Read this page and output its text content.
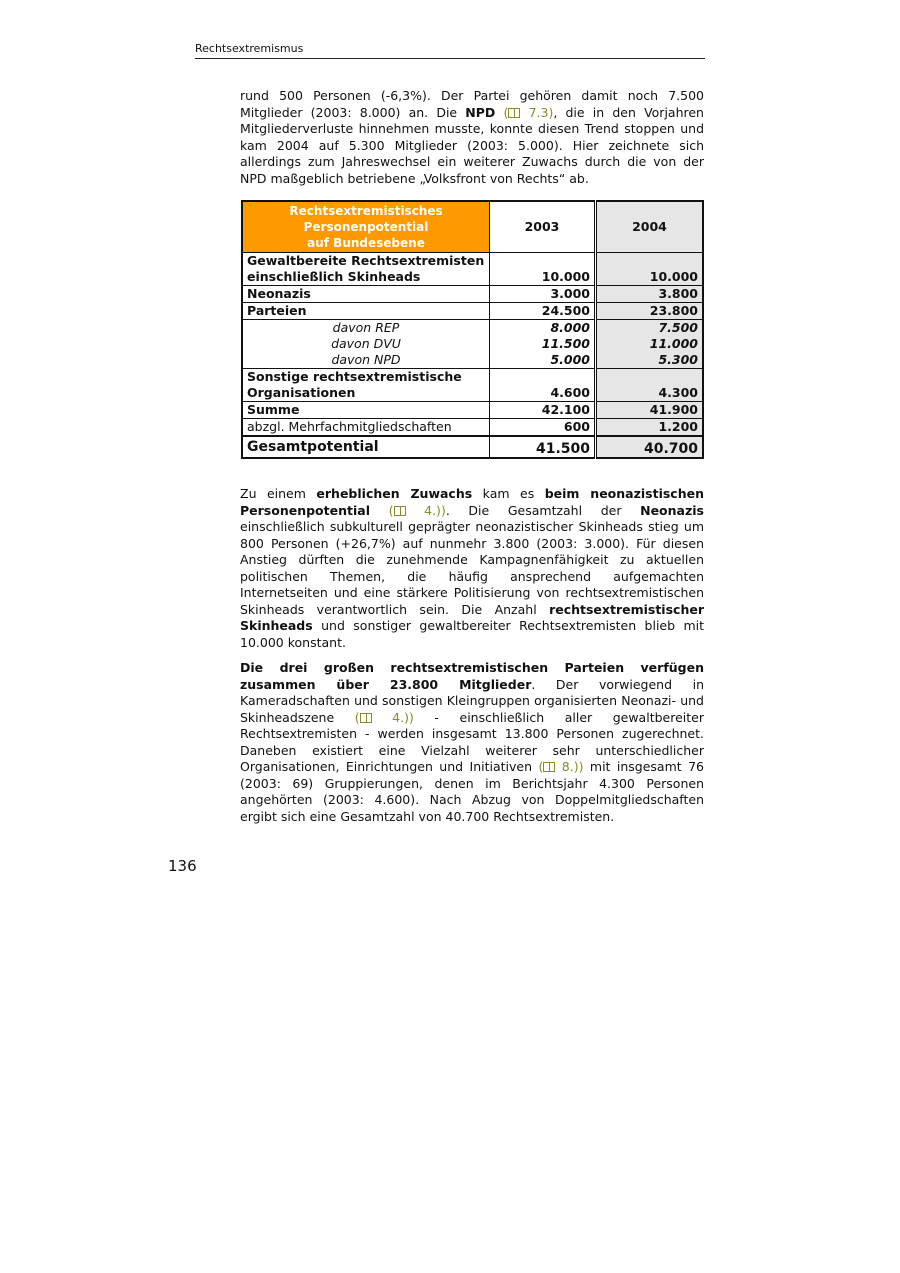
Rechtsextremismus
rund 500 Personen (-6,3%). Der Partei gehören damit noch 7.500 Mitglieder (2003: 8.000) an. Die NPD ( 7.3), die in den Vorjahren Mitgliederverluste hinnehmen musste, konnte diesen Trend stoppen und kam 2004 auf 5.300 Mitglieder (2003: 5.000). Hier zeichnete sich allerdings zum Jahreswechsel ein weiterer Zuwachs durch die von der NPD maßgeblich betriebene „Volksfront von Rechts“ ab.
Rechtsextremistisches
Personenpotential
auf Bundesebene	2003	2004

Gewaltbereite Rechtsextremisten
einschließlich Skinheads	10.000	10.000
Neonazis	3.000	3.800
Parteien	24.500	23.800
davon REP	8.000	7.500
davon DVU	11.500	11.000
davon NPD	5.000	5.300

Sonstige rechtsextremistische
Organisationen	4.600	4.300
Summe	42.100	41.900
abzgl. Mehrfachmitgliedschaften	600	1.200
Gesamtpotential	41.500	40.700
Zu einem erheblichen Zuwachs kam es beim neonazistischen Personenpotential ( 4.)). Die Gesamtzahl der Neonazis einschließlich subkulturell geprägter neonazistischer Skinheads stieg um 800 Personen (+26,7%) auf nunmehr 3.800 (2003: 3.000). Für diesen Anstieg dürften die zunehmende Kampagnenfähigkeit zu aktuellen politischen Themen, die häufig ansprechend aufgemachten Internetseiten und eine stärkere Politisierung von rechtsextremistischen Skinheads verantwortlich sein. Die Anzahl rechtsextremistischer Skinheads und sonstiger gewaltbereiter Rechtsextremisten blieb mit 10.000 konstant.
Die drei großen rechtsextremistischen Parteien verfügen zusammen über 23.800 Mitglieder. Der vorwiegend in Kameradschaften und sonstigen Kleingruppen organisierten Neonazi- und Skinheadszene (	4.)) - einschließlich aller gewaltbereiter Rechtsextremisten - werden insgesamt 13.800 Personen zugerechnet. Daneben existiert eine Vielzahl weiterer sehr unterschiedlicher Organisationen, Einrichtungen und Initiativen ( 8.)) mit insgesamt 76 (2003: 69) Gruppierungen, denen im Berichtsjahr 4.300 Personen angehörten (2003: 4.600). Nach Abzug von Doppelmitgliedschaften ergibt sich eine Gesamtzahl von 40.700 Rechtsextremisten.
136
